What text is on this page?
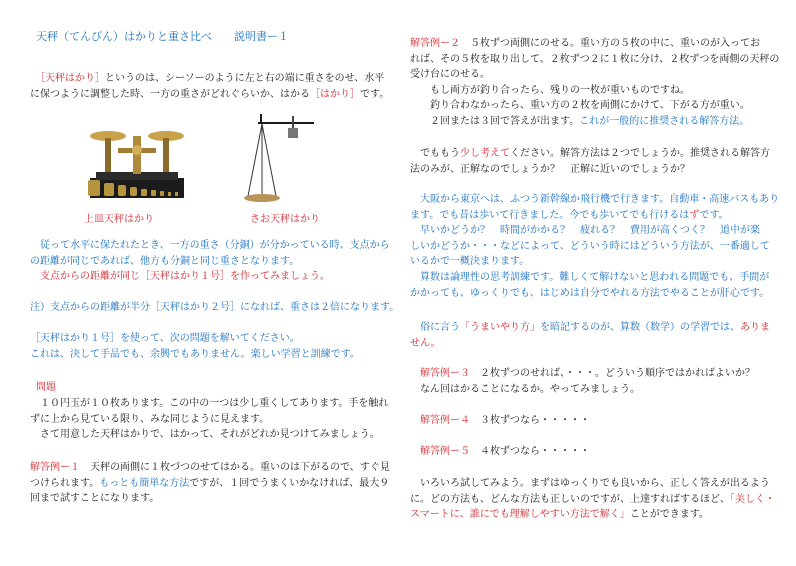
天秤（てんびん）はかりと重さ比べ　　説明書ー１
　［天秤はかり］というのは、シーソーのように左と右の端に重さをのせ、水平
に保つように調整した時、一方の重さがどれぐらいか、はかる［はかり］です。
上皿天秤はかり	さお天秤はかり
　従って水平に保たれたとき、一方の重さ（分銅）が分かっている時、支点から
の距離が同じであれば、他方も分銅と同じ重さとなります。
　支点からの距離が同じ［天秤はかり１号］を作ってみましょう。
注）支点からの距離が半分［天秤はかり２号］になれば、重さは２倍になります。
［天秤はかり１号］を使って、次の問題を解いてください。
これは、決して手品でも、余興でもありません。楽しい学習と訓練です。
問題
　１０円玉が１０枚あります。この中の一つは少し重くしてあります。手を触れ
ずに上から見ている限り、みな同じように見えます。
　さて用意した天秤はかりで、はかって、それがどれか見つけてみましょう。
解答例ー１　天秤の両側に１枚づつのせてはかる。重いのは下がるので、すぐ見
つけられます。もっとも簡単な方法ですが、１回でうまくいかなければ、最大９
回まで試すことになります。
解答例ー２　５枚ずつ両側にのせる。重い方の５枚の中に、重いのが入ってお
れば、その５枚を取り出して、２枚ずつ２に１枚に分け、２枚ずつを両側の天秤の
受け台にのせる。
　　もし両方が釣り合ったら、残りの一枚が重いものですね。
　　釣り合わなかったら、重い方の２枚を両側にかけて、下がる方が重い。
　　２回または３回で答えが出ます。これが一般的に推奨される解答方法。
　でももう少し考えてください。解答方法は２つでしょうか。推奨される解答方
法のみが、正解なのでしょうか？　正解に近いのでしょうか？
　大阪から東京へは、ふつう新幹線か飛行機で行きます。自動車・高速バスもあり
ます。でも昔は歩いて行きました。今でも歩いてでも行けるはずです。
　早いかどうか？　時間がかかる？　疲れる？　費用が高くつく？　道中が楽
しいかどうか・・・などによって、どういう時にはどういう方法が、一番適して
いるかで一概決まります。
　算数は論理性の思考訓練です。難しくて解けないと思われる問題でも、手間が
かかっても、ゆっくりでも、はじめは自分でやれる方法でやることが肝心です。
　俗に言う「うまいやり方」を暗記するのが、算数（数学）の学習では、ありま
せん。
　解答例ー３　２枚ずつのせれば、・・・。どういう順序ではかればよいか？
　なん回はかることになるか。やってみましょう。
　解答例ー４　３枚ずつなら・・・・・
　解答例ー５　４枚ずつなら・・・・・
　いろいろ試してみよう。まずはゆっくりでも良いから、正しく答えが出るよう
に。どの方法も、どんな方法も正しいのですが、上達すればするほど、「美しく・
スマートに、誰にでも理解しやすい方法で解く」ことができます。
